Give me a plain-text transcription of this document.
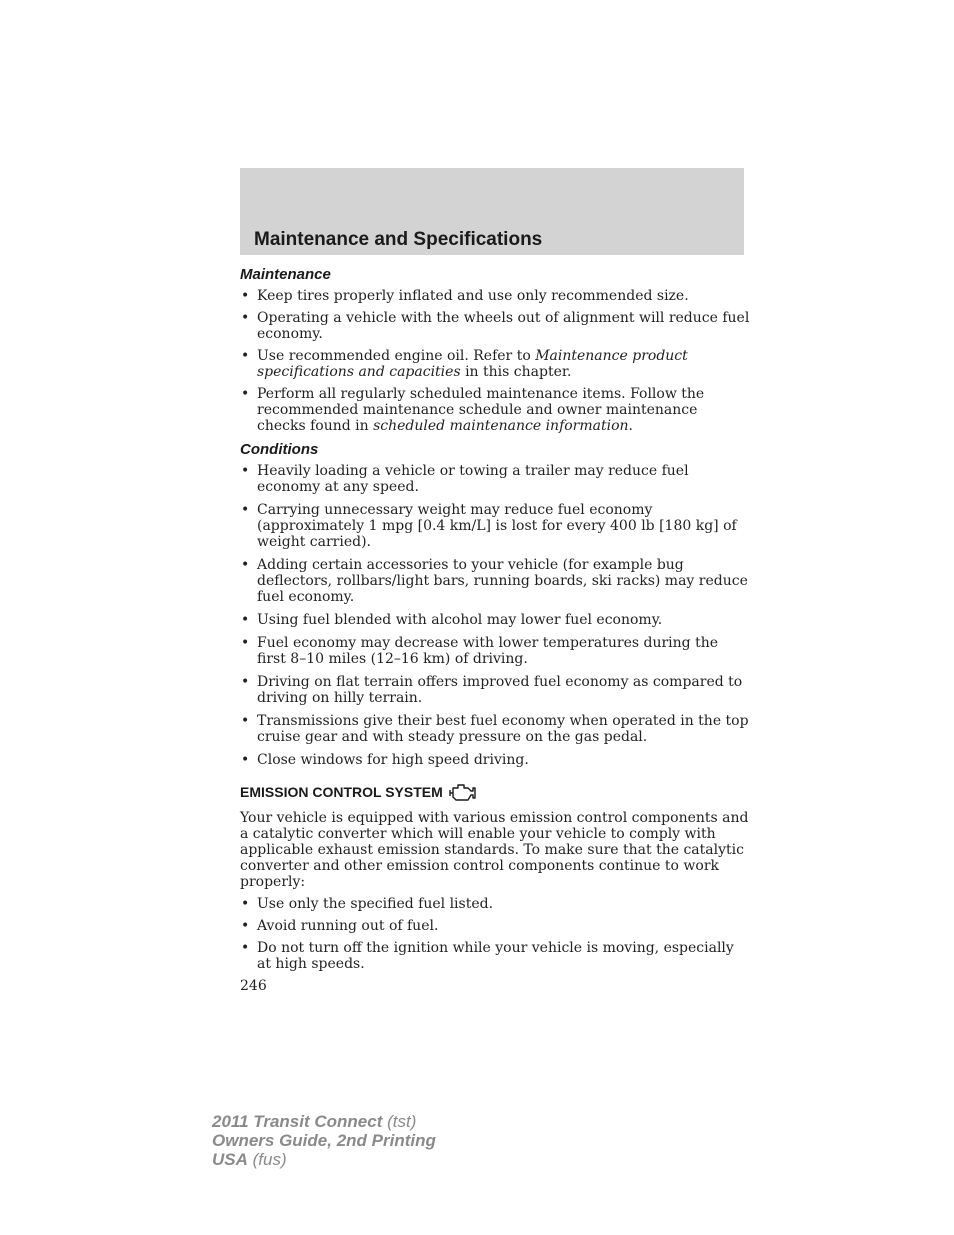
Maintenance and Specifications
Maintenance
• Keep tires properly inflated and use only recommended size.
• Operating a vehicle with the wheels out of alignment will reduce fuel economy.
• Use recommended engine oil. Refer to Maintenance product specifications and capacities in this chapter.
• Perform all regularly scheduled maintenance items. Follow the recommended maintenance schedule and owner maintenance checks found in scheduled maintenance information.
Conditions
• Heavily loading a vehicle or towing a trailer may reduce fuel economy at any speed.
• Carrying unnecessary weight may reduce fuel economy (approximately 1 mpg [0.4 km/L] is lost for every 400 lb [180 kg] of weight carried).
• Adding certain accessories to your vehicle (for example bug deflectors, rollbars/light bars, running boards, ski racks) may reduce fuel economy.
• Using fuel blended with alcohol may lower fuel economy.
• Fuel economy may decrease with lower temperatures during the first 8–10 miles (12–16 km) of driving.
• Driving on flat terrain offers improved fuel economy as compared to driving on hilly terrain.
• Transmissions give their best fuel economy when operated in the top cruise gear and with steady pressure on the gas pedal.
• Close windows for high speed driving.
EMISSION CONTROL SYSTEM

Your vehicle is equipped with various emission control components and a catalytic converter which will enable your vehicle to comply with applicable exhaust emission standards. To make sure that the catalytic converter and other emission control components continue to work properly:

• Use only the specified fuel listed.
• Avoid running out of fuel.
• Do not turn off the ignition while your vehicle is moving, especially at high speeds.
246
2011 Transit Connect (tst)
Owners Guide, 2nd Printing
USA (fus)
